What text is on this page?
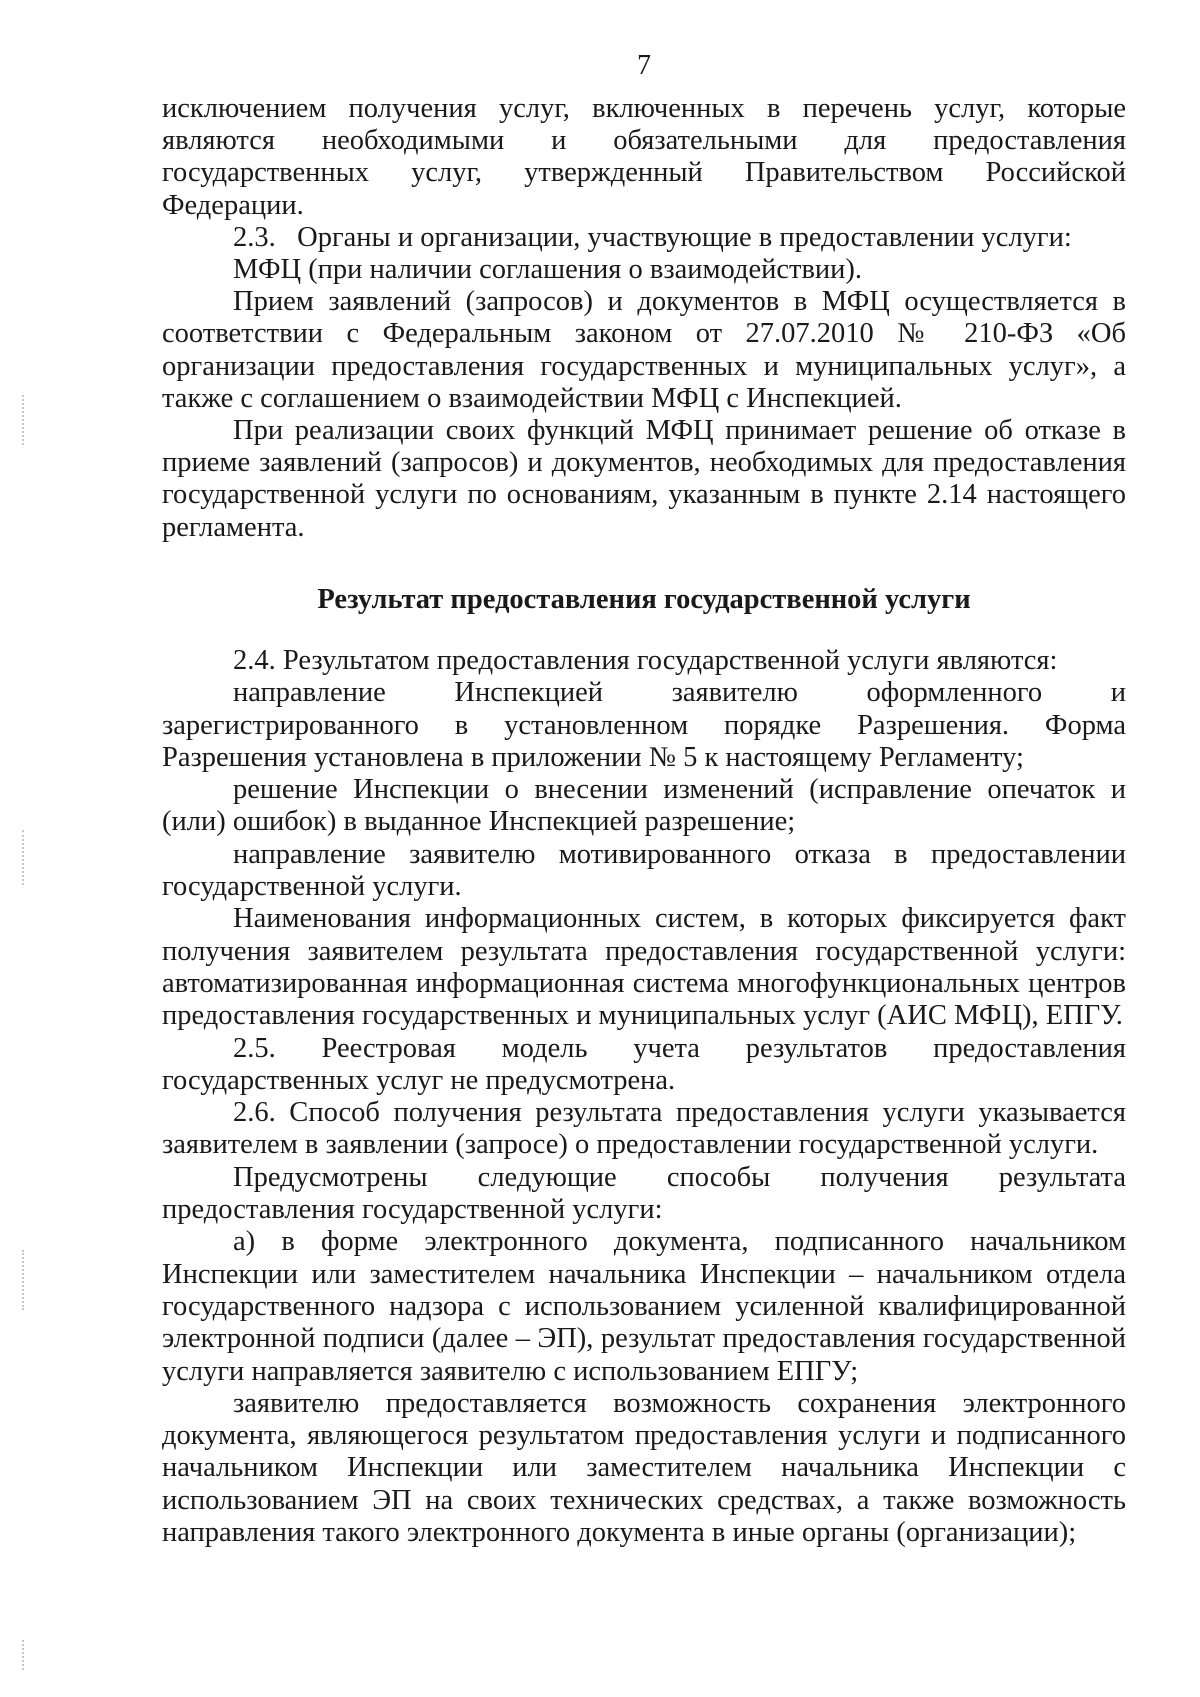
7

исключением получения услуг, включенных в перечень услуг, которые являются необходимыми и обязательными для предоставления государственных услуг, утвержденный Правительством Российской Федерации.

2.3.   Органы и организации, участвующие в предоставлении услуги:

МФЦ (при наличии соглашения о взаимодействии).

Прием заявлений (запросов) и документов в МФЦ осуществляется в соответствии с Федеральным законом от 27.07.2010 № 210-ФЗ «Об организации предоставления государственных и муниципальных услуг», а также с соглашением о взаимодействии МФЦ с Инспекцией.

При реализации своих функций МФЦ принимает решение об отказе в приеме заявлений (запросов) и документов, необходимых для предоставления государственной услуги по основаниям, указанным в пункте 2.14 настоящего регламента.

Результат предоставления государственной услуги

2.4. Результатом предоставления государственной услуги являются:

направление Инспекцией заявителю оформленного и зарегистрированного в установленном порядке Разрешения. Форма Разрешения установлена в приложении № 5 к настоящему Регламенту;

решение Инспекции о внесении изменений (исправление опечаток и (или) ошибок) в выданное Инспекцией разрешение;

направление заявителю мотивированного отказа в предоставлении государственной услуги.

Наименования информационных систем, в которых фиксируется факт получения заявителем результата предоставления государственной услуги: автоматизированная информационная система многофункциональных центров предоставления государственных и муниципальных услуг (АИС МФЦ), ЕПГУ.

2.5. Реестровая модель учета результатов предоставления государственных услуг не предусмотрена.

2.6. Способ получения результата предоставления услуги указывается заявителем в заявлении (запросе) о предоставлении государственной услуги.

Предусмотрены следующие способы получения результата предоставления государственной услуги:

а) в форме электронного документа, подписанного начальником Инспекции или заместителем начальника Инспекции – начальником отдела государственного надзора с использованием усиленной квалифицированной электронной подписи (далее – ЭП), результат предоставления государственной услуги направляется заявителю с использованием ЕПГУ;

заявителю предоставляется возможность сохранения электронного документа, являющегося результатом предоставления услуги и подписанного начальником Инспекции или заместителем начальника Инспекции с использованием ЭП на своих технических средствах, а также возможность направления такого электронного документа в иные органы (организации);
